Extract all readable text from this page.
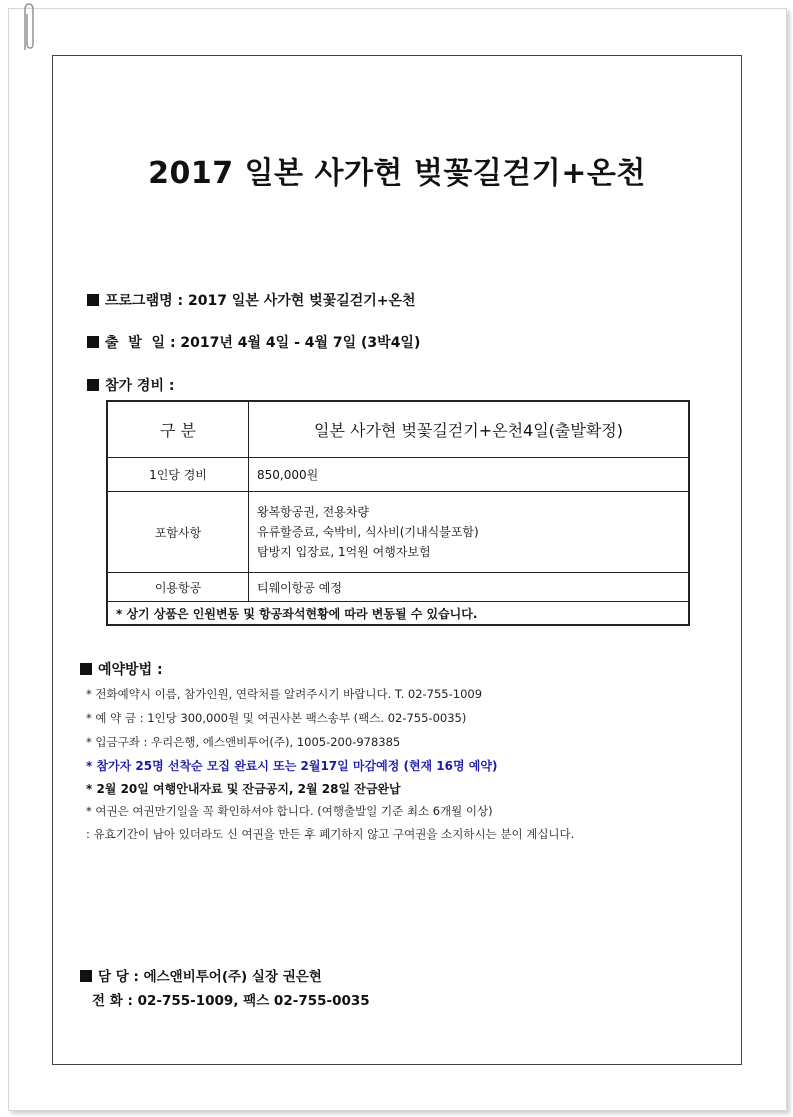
2017 일본 사가현 벚꽃길걷기+온천
프로그램명 : 2017 일본 사가현 벚꽃길걷기+온천
출  발  일 : 2017년 4월 4일 - 4월 7일 (3박4일)
참가 경비 :
구 분	일본 사가현 벚꽃길걷기+온천4일(출발확정)
1인당 경비	850,000원
포함사항	왕복항공권, 전용차량
유류할증료, 숙박비, 식사비(기내식불포함)
탐방지 입장료, 1억원 여행자보험

이용항공	티웨이항공 예정
* 상기 상품은 인원변동 및 항공좌석현황에 따라 변동될 수 있습니다.	
예약방법 :
* 전화예약시 이름, 참가인원, 연락처를 알려주시기 바랍니다. T. 02-755-1009
* 예 약 금 : 1인당 300,000원 및 여권사본 팩스송부 (팩스. 02-755-0035)
* 입금구좌 : 우리은행, 에스앤비투어(주), 1005-200-978385
* 참가자 25명 선착순 모집 완료시 또는 2월17일 마감예정 (현재 16명 예약)
* 2월 20일 여행안내자료 및 잔금공지, 2월 28일 잔금완납
* 여권은 여권만기일을 꼭 확인하셔야 합니다. (여행출발일 기준 최소 6개월 이상)
: 유효기간이 남아 있더라도 신 여권을 만든 후 폐기하지 않고 구여권을 소지하시는 분이 계십니다.
담 당 : 에스앤비투어(주) 실장 권은현
전 화 : 02-755-1009, 팩스 02-755-0035
